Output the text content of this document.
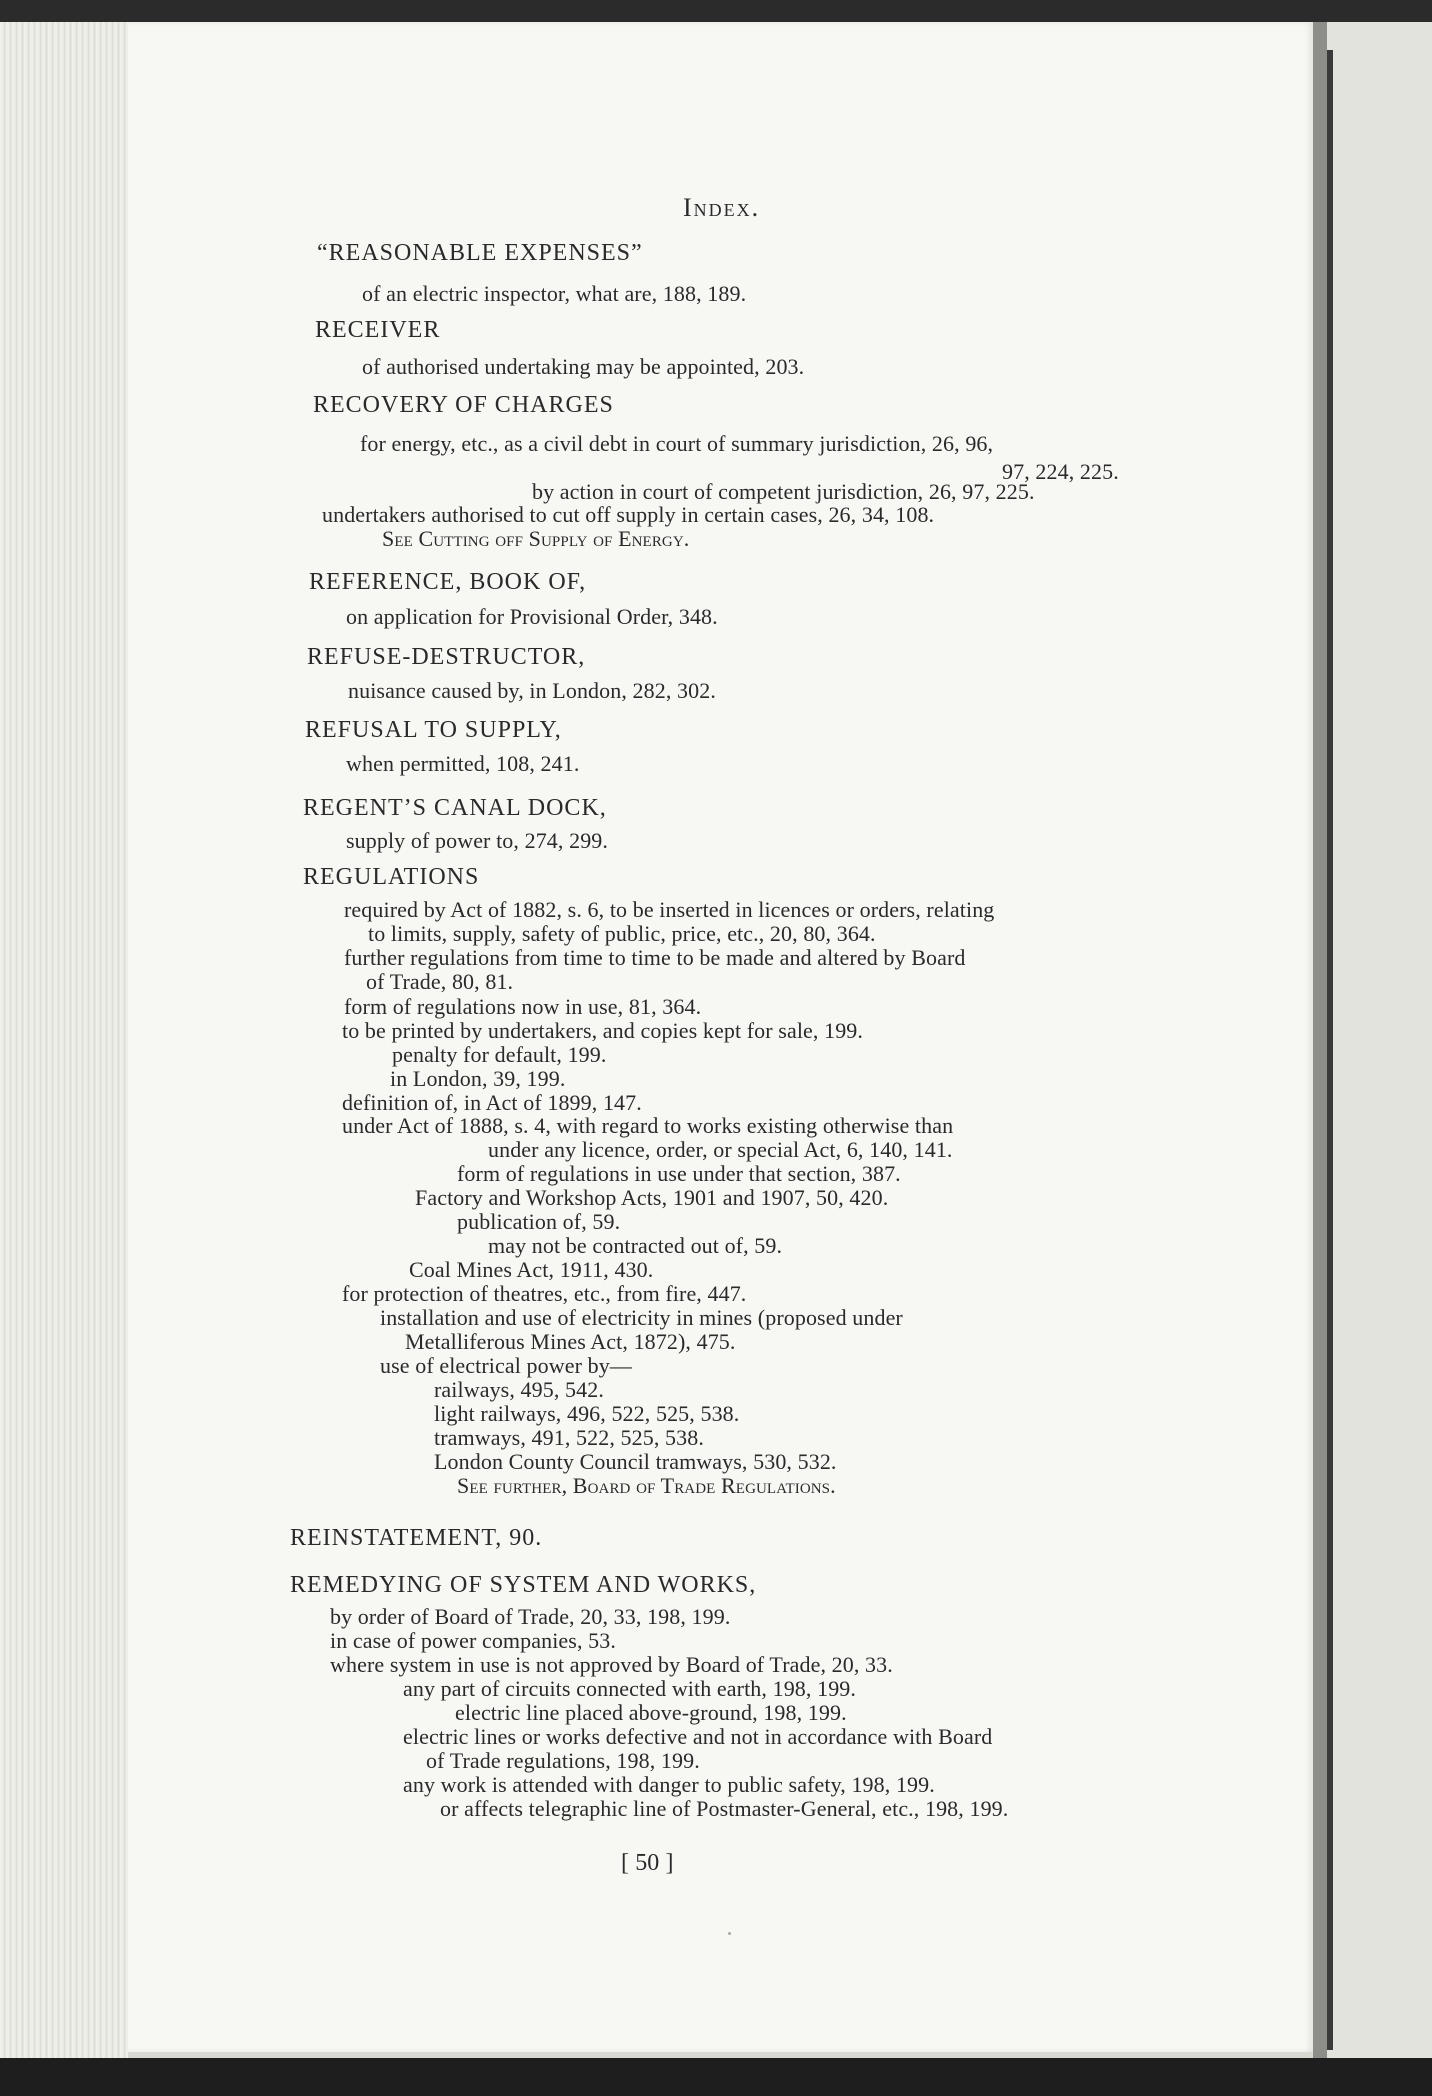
Index.
“REASONABLE EXPENSES”
of an electric inspector, what are, 188, 189.
RECEIVER
of authorised undertaking may be appointed, 203.
RECOVERY OF CHARGES
for energy, etc., as a civil debt in court of summary jurisdiction, 26, 96,
97, 224, 225.
by action in court of competent jurisdiction, 26, 97, 225.
undertakers authorised to cut off supply in certain cases, 26, 34, 108.
See Cutting off Supply of Energy.
REFERENCE, BOOK OF,
on application for Provisional Order, 348.
REFUSE-DESTRUCTOR,
nuisance caused by, in London, 282, 302.
REFUSAL TO SUPPLY,
when permitted, 108, 241.
REGENT’S CANAL DOCK,
supply of power to, 274, 299.
REGULATIONS
required by Act of 1882, s. 6, to be inserted in licences or orders, relating
to limits, supply, safety of public, price, etc., 20, 80, 364.
further regulations from time to time to be made and altered by Board
of Trade, 80, 81.
form of regulations now in use, 81, 364.
to be printed by undertakers, and copies kept for sale, 199.
penalty for default, 199.
in London, 39, 199.
definition of, in Act of 1899, 147.
under Act of 1888, s. 4, with regard to works existing otherwise than
under any licence, order, or special Act, 6, 140, 141.
form of regulations in use under that section, 387.
Factory and Workshop Acts, 1901 and 1907, 50, 420.
publication of, 59.
may not be contracted out of, 59.
Coal Mines Act, 1911, 430.
for protection of theatres, etc., from fire, 447.
installation and use of electricity in mines (proposed under
Metalliferous Mines Act, 1872), 475.
use of electrical power by—
railways, 495, 542.
light railways, 496, 522, 525, 538.
tramways, 491, 522, 525, 538.
London County Council tramways, 530, 532.
See further, Board of Trade Regulations.
REINSTATEMENT, 90.
REMEDYING OF SYSTEM AND WORKS,
by order of Board of Trade, 20, 33, 198, 199.
in case of power companies, 53.
where system in use is not approved by Board of Trade, 20, 33.
any part of circuits connected with earth, 198, 199.
electric line placed above-ground, 198, 199.
electric lines or works defective and not in accordance with Board
of Trade regulations, 198, 199.
any work is attended with danger to public safety, 198, 199.
or affects telegraphic line of Postmaster-General, etc., 198, 199.
[ 50 ]
